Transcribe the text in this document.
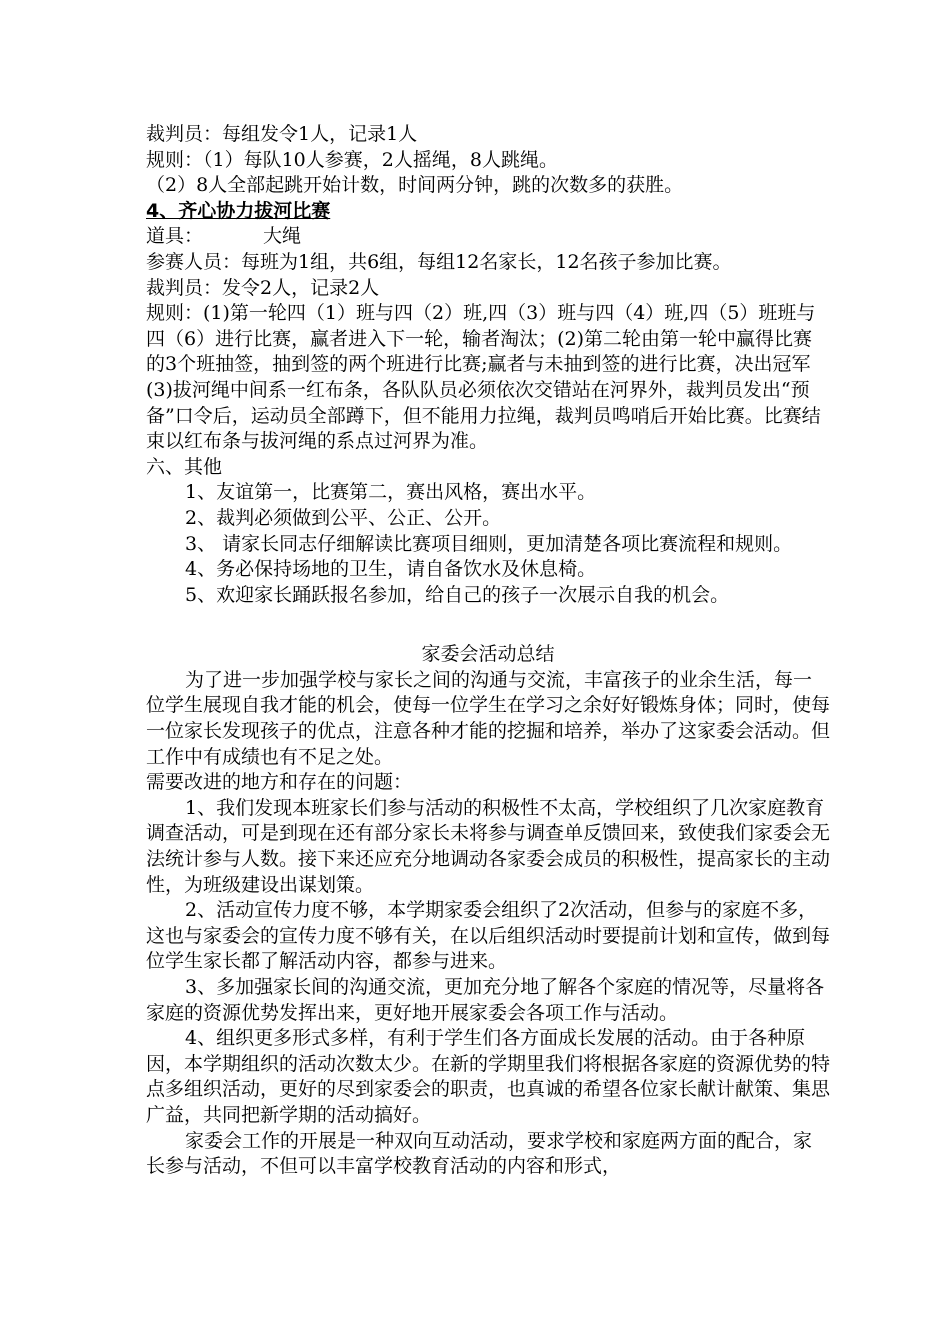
裁判员：每组发令1人，记录1人

规则：（1）每队10人参赛，2人摇绳，8人跳绳。

（2）8人全部起跳开始计数，时间两分钟，跳的次数多的获胜。

4、齐心协力拔河比赛

道具：	大绳

参赛人员：每班为1组，共6组，每组12名家长，12名孩子参加比赛。

裁判员：发令2人，记录2人

规则：(1)第一轮四（1）班与四（2）班,四（3）班与四（4）班,四（5）班班与四（6）进行比赛，赢者进入下一轮，输者淘汰；(2)第二轮由第一轮中赢得比赛的3个班抽签，抽到签的两个班进行比赛;赢者与未抽到签的进行比赛，决出冠军(3)拔河绳中间系一红布条，各队队员必须依次交错站在河界外，裁判员发出“预备”口令后，运动员全部蹲下，但不能用力拉绳，裁判员鸣哨后开始比赛。比赛结束以红布条与拔河绳的系点过河界为准。

六、其他

1、友谊第一，比赛第二，赛出风格，赛出水平。

2、裁判必须做到公平、公正、公开。

3、 请家长同志仔细解读比赛项目细则，更加清楚各项比赛流程和规则。

4、务必保持场地的卫生，请自备饮水及休息椅。

5、欢迎家长踊跃报名参加，给自己的孩子一次展示自我的机会。

家委会活动总结

为了进一步加强学校与家长之间的沟通与交流，丰富孩子的业余生活，每一位学生展现自我才能的机会，使每一位学生在学习之余好好锻炼身体；同时，使每一位家长发现孩子的优点，注意各种才能的挖掘和培养，举办了这家委会活动。但工作中有成绩也有不足之处。

需要改进的地方和存在的问题：

1、我们发现本班家长们参与活动的积极性不太高，学校组织了几次家庭教育调查活动，可是到现在还有部分家长未将参与调查单反馈回来，致使我们家委会无法统计参与人数。接下来还应充分地调动各家委会成员的积极性，提高家长的主动性，为班级建设出谋划策。

2、活动宣传力度不够，本学期家委会组织了2次活动，但参与的家庭不多，这也与家委会的宣传力度不够有关，在以后组织活动时要提前计划和宣传，做到每位学生家长都了解活动内容，都参与进来。

3、多加强家长间的沟通交流，更加充分地了解各个家庭的情况等，尽量将各家庭的资源优势发挥出来，更好地开展家委会各项工作与活动。

4、组织更多形式多样，有利于学生们各方面成长发展的活动。由于各种原因，本学期组织的活动次数太少。在新的学期里我们将根据各家庭的资源优势的特点多组织活动，更好的尽到家委会的职责，也真诚的希望各位家长献计献策、集思广益，共同把新学期的活动搞好。

家委会工作的开展是一种双向互动活动，要求学校和家庭两方面的配合，家长参与活动，不但可以丰富学校教育活动的内容和形式，
